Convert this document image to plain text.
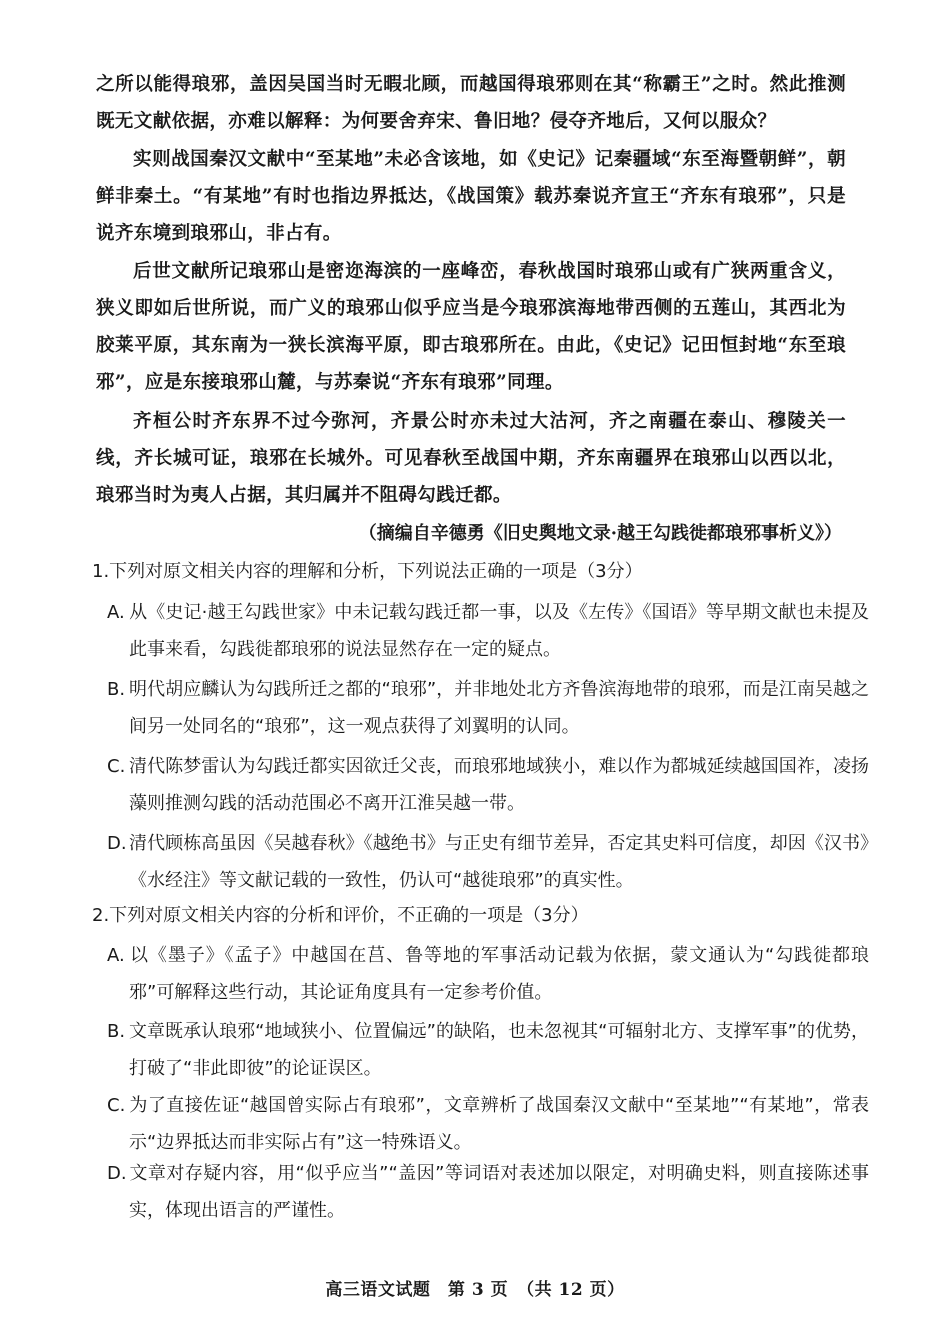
之所以能得琅邪，盖因吴国当时无暇北顾，而越国得琅邪则在其“称霸王”之时。然此推测既无文献依据，亦难以解释：为何要舍弃宋、鲁旧地？侵夺齐地后，又何以服众？

实则战国秦汉文献中“至某地”未必含该地，如《史记》记秦疆域“东至海暨朝鲜”，朝鲜非秦土。“有某地”有时也指边界抵达，《战国策》载苏秦说齐宣王“齐东有琅邪”，只是说齐东境到琅邪山，非占有。

后世文献所记琅邪山是密迩海滨的一座峰峦，春秋战国时琅邪山或有广狭两重含义，狭义即如后世所说，而广义的琅邪山似乎应当是今琅邪滨海地带西侧的五莲山，其西北为胶莱平原，其东南为一狭长滨海平原，即古琅邪所在。由此，《史记》记田恒封地“东至琅邪”，应是东接琅邪山麓，与苏秦说“齐东有琅邪”同理。

齐桓公时齐东界不过今弥河，齐景公时亦未过大沽河，齐之南疆在泰山、穆陵关一线，齐长城可证，琅邪在长城外。可见春秋至战国中期，齐东南疆界在琅邪山以西以北，琅邪当时为夷人占据，其归属并不阻碍勾践迁都。

（摘编自辛德勇《旧史舆地文录·越王勾践徙都琅邪事析义》）
1.下列对原文相关内容的理解和分析，下列说法正确的一项是（3分）
A. 从《史记·越王勾践世家》中未记载勾践迁都一事，以及《左传》《国语》等早期文献也未提及此事来看，勾践徙都琅邪的说法显然存在一定的疑点。
B. 明代胡应麟认为勾践所迁之都的“琅邪”，并非地处北方齐鲁滨海地带的琅邪，而是江南吴越之间另一处同名的“琅邪”，这一观点获得了刘翼明的认同。
C. 清代陈梦雷认为勾践迁都实因欲迁父丧，而琅邪地域狭小，难以作为都城延续越国国祚，凌扬藻则推测勾践的活动范围必不离开江淮吴越一带。
D. 清代顾栋高虽因《吴越春秋》《越绝书》与正史有细节差异，否定其史料可信度，却因《汉书》《水经注》等文献记载的一致性，仍认可“越徙琅邪”的真实性。
2.下列对原文相关内容的分析和评价，不正确的一项是（3分）
A. 以《墨子》《孟子》中越国在莒、鲁等地的军事活动记载为依据，蒙文通认为“勾践徙都琅邪”可解释这些行动，其论证角度具有一定参考价值。
B. 文章既承认琅邪“地域狭小、位置偏远”的缺陷，也未忽视其“可辐射北方、支撑军事”的优势，打破了“非此即彼”的论证误区。
C. 为了直接佐证“越国曾实际占有琅邪”，文章辨析了战国秦汉文献中“至某地”“有某地”，常表示“边界抵达而非实际占有”这一特殊语义。
D. 文章对存疑内容，用“似乎应当”“盖因”等词语对表述加以限定，对明确史料，则直接陈述事实，体现出语言的严谨性。
高三语文试题　第 3 页　（共 12 页）
